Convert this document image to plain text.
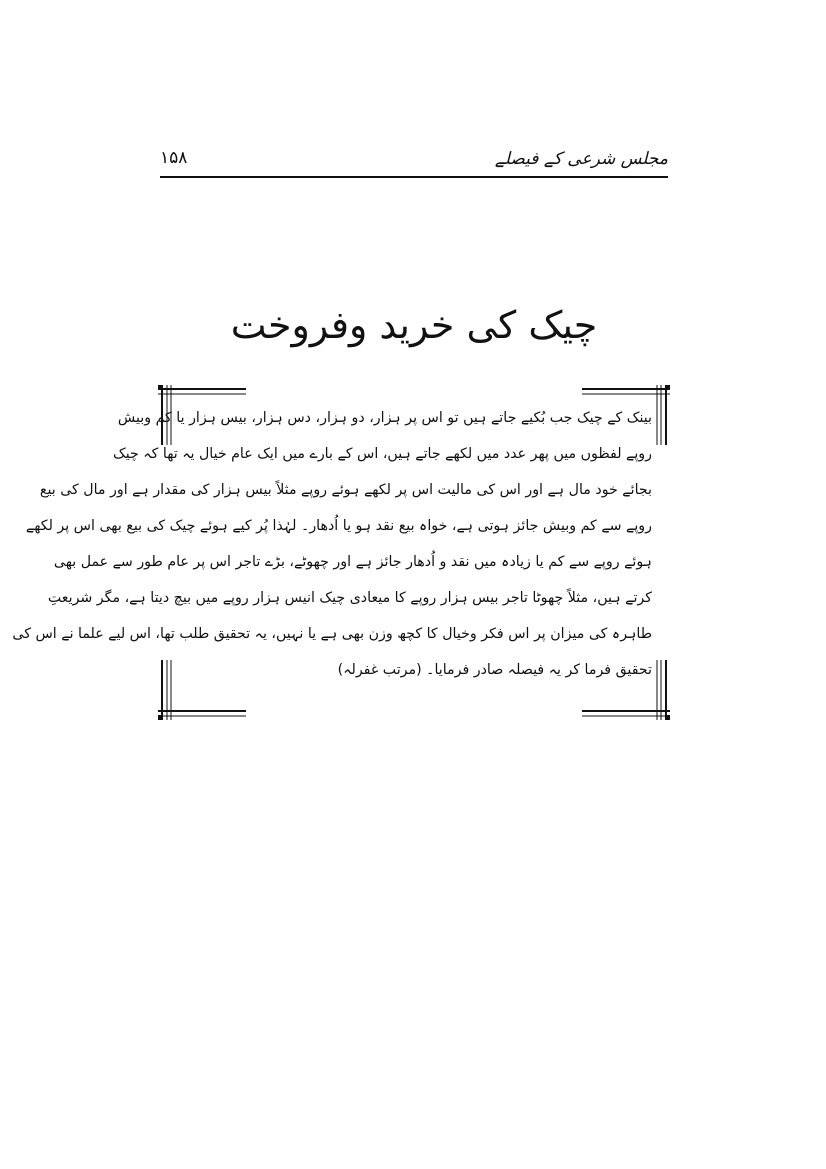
مجلس شرعی کے فیصلے
۱۵۸
چیک کی خرید وفروخت
بینک کے چیک جب بُکیے جاتے ہیں تو اس پر ہزار، دو ہزار، دس ہزار، بیس ہزار یا کم وبیش
روپے لفظوں میں پھر عدد میں لکھے جاتے ہیں، اس کے بارے میں ایک عام خیال یہ تھا کہ چیک
بجائے خود مال ہے اور اس کی مالیت اس پر لکھے ہوئے روپے مثلاً بیس ہزار کی مقدار ہے اور مال کی بیع
روپے سے کم وبیش جائز ہوتی ہے، خواہ بیع نقد ہو یا اُدھار۔ لہٰذا پُر کیے ہوئے چیک کی بیع بھی اس پر لکھے
ہوئے روپے سے کم یا زیادہ میں نقد و اُدھار جائز ہے اور چھوٹے، بڑے تاجر اس پر عام طور سے عمل بھی
کرتے ہیں، مثلاً چھوٹا تاجر بیس ہزار روپے کا میعادی چیک انیس ہزار روپے میں بیچ دیتا ہے، مگر شریعتِ
طاہرہ کی میزان پر اس فکر وخیال کا کچھ وزن بھی ہے یا نہیں، یہ تحقیق طلب تھا، اس لیے علما نے اس کی
تحقیق فرما کر یہ فیصلہ صادر فرمایا۔ (مرتب غفرلہ)
